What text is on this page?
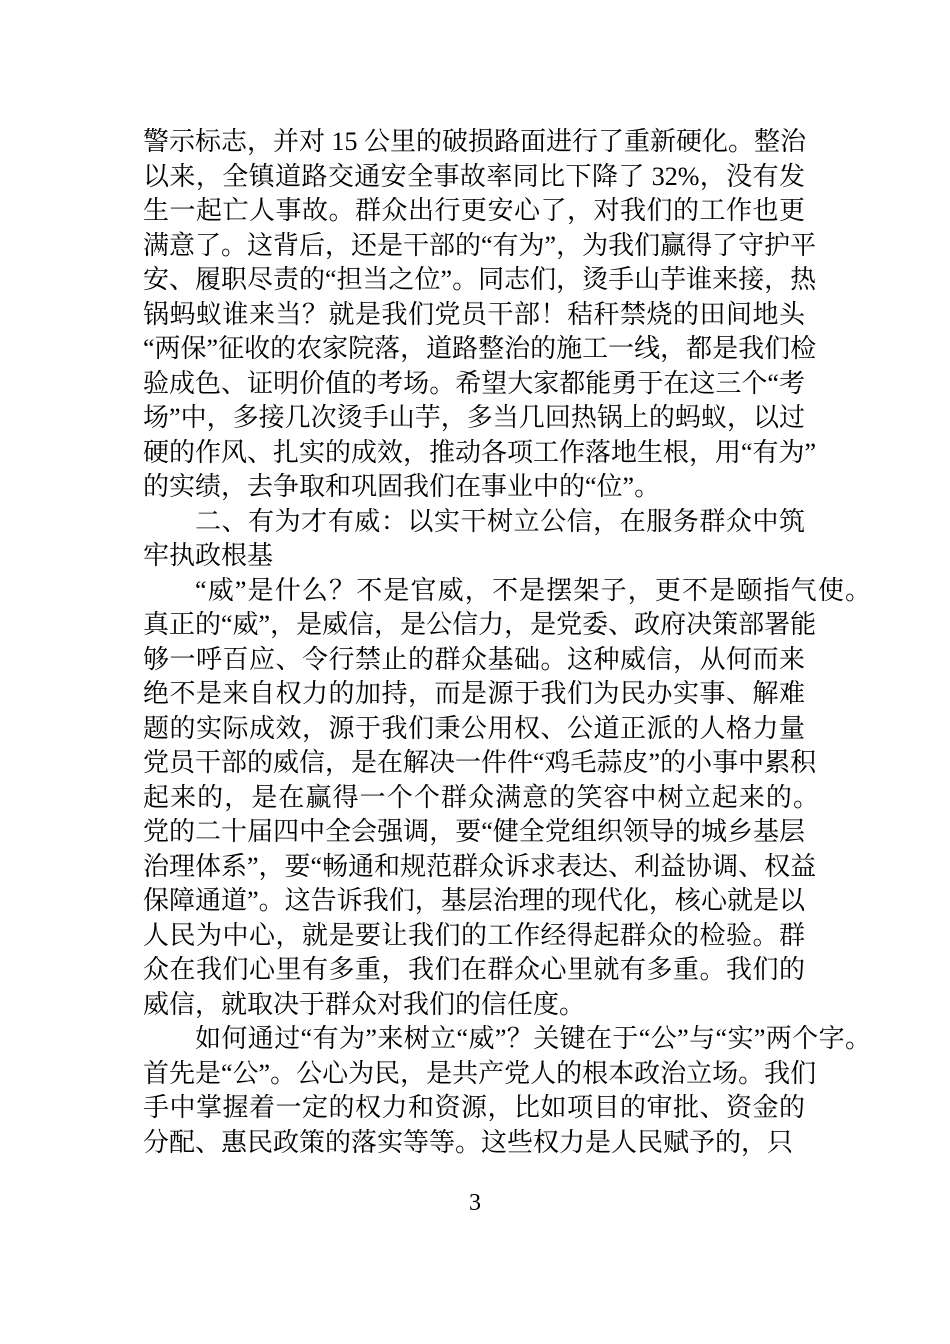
警示标志，并对 15 公里的破损路面进行了重新硬化。整治
以来，全镇道路交通安全事故率同比下降了 32%，没有发
生一起亡人事故。群众出行更安心了，对我们的工作也更
满意了。这背后，还是干部的“有为”，为我们赢得了守护平
安、履职尽责的“担当之位”。同志们，烫手山芋谁来接，热
锅蚂蚁谁来当？就是我们党员干部！秸秆禁烧的田间地头
“两保”征收的农家院落，道路整治的施工一线，都是我们检
验成色、证明价值的考场。希望大家都能勇于在这三个“考
场”中，多接几次烫手山芋，多当几回热锅上的蚂蚁，以过
硬的作风、扎实的成效，推动各项工作落地生根，用“有为”
的实绩，去争取和巩固我们在事业中的“位”。
二、有为才有威：以实干树立公信，在服务群众中筑
牢执政根基
“威”是什么？不是官威，不是摆架子，更不是颐指气使。
真正的“威”，是威信，是公信力，是党委、政府决策部署能
够一呼百应、令行禁止的群众基础。这种威信，从何而来
绝不是来自权力的加持，而是源于我们为民办实事、解难
题的实际成效，源于我们秉公用权、公道正派的人格力量
党员干部的威信，是在解决一件件“鸡毛蒜皮”的小事中累积
起来的，是在赢得一个个群众满意的笑容中树立起来的。
党的二十届四中全会强调，要“健全党组织领导的城乡基层
治理体系”，要“畅通和规范群众诉求表达、利益协调、权益
保障通道”。这告诉我们，基层治理的现代化，核心就是以
人民为中心，就是要让我们的工作经得起群众的检验。群
众在我们心里有多重，我们在群众心里就有多重。我们的
威信，就取决于群众对我们的信任度。
如何通过“有为”来树立“威”？关键在于“公”与“实”两个字。
首先是“公”。公心为民，是共产党人的根本政治立场。我们
手中掌握着一定的权力和资源，比如项目的审批、资金的
分配、惠民政策的落实等等。这些权力是人民赋予的，只
3
